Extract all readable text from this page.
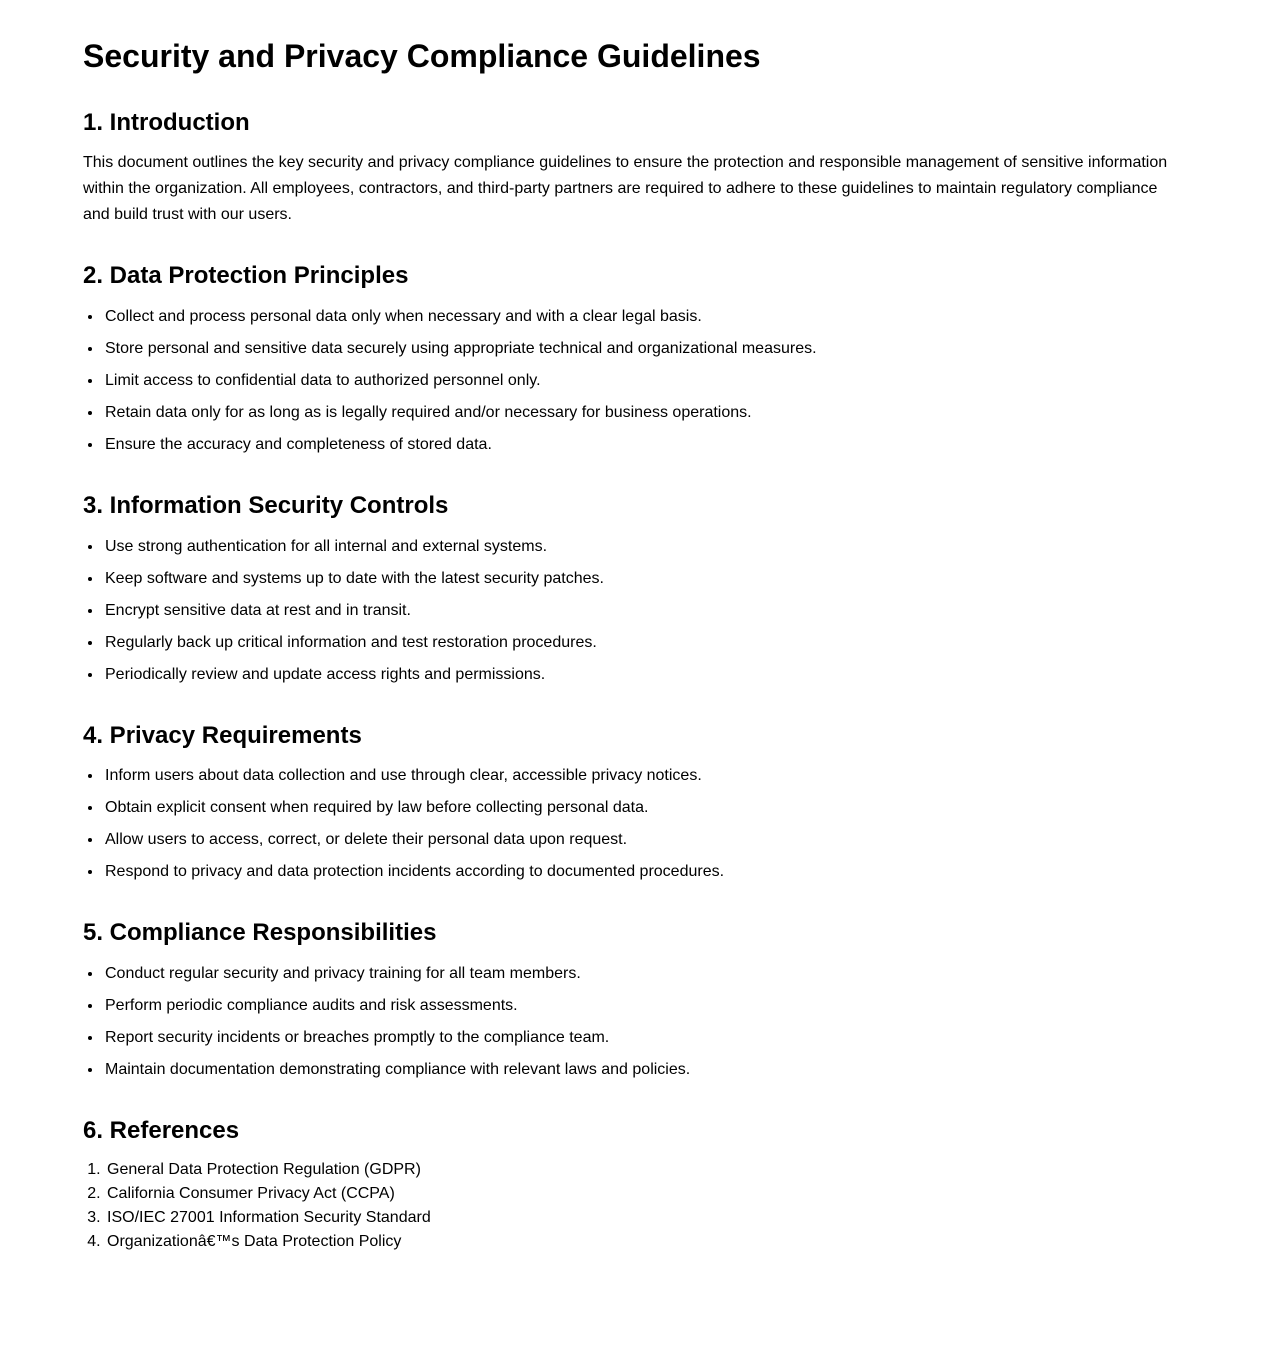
Security and Privacy Compliance Guidelines
1. Introduction

This document outlines the key security and privacy compliance guidelines to ensure the protection and responsible management of sensitive information within the organization. All employees, contractors, and third-party partners are required to adhere to these guidelines to maintain regulatory compliance and build trust with our users.

2. Data Protection Principles
• Collect and process personal data only when necessary and with a clear legal basis.
• Store personal and sensitive data securely using appropriate technical and organizational measures.
• Limit access to confidential data to authorized personnel only.
• Retain data only for as long as is legally required and/or necessary for business operations.
• Ensure the accuracy and completeness of stored data.
3. Information Security Controls
• Use strong authentication for all internal and external systems.
• Keep software and systems up to date with the latest security patches.
• Encrypt sensitive data at rest and in transit.
• Regularly back up critical information and test restoration procedures.
• Periodically review and update access rights and permissions.
4. Privacy Requirements
• Inform users about data collection and use through clear, accessible privacy notices.
• Obtain explicit consent when required by law before collecting personal data.
• Allow users to access, correct, or delete their personal data upon request.
• Respond to privacy and data protection incidents according to documented procedures.
5. Compliance Responsibilities
• Conduct regular security and privacy training for all team members.
• Perform periodic compliance audits and risk assessments.
• Report security incidents or breaches promptly to the compliance team.
• Maintain documentation demonstrating compliance with relevant laws and policies.
6. References
1. General Data Protection Regulation (GDPR)
2. California Consumer Privacy Act (CCPA)
3. ISO/IEC 27001 Information Security Standard
4. Organizationâ€™s Data Protection Policy
